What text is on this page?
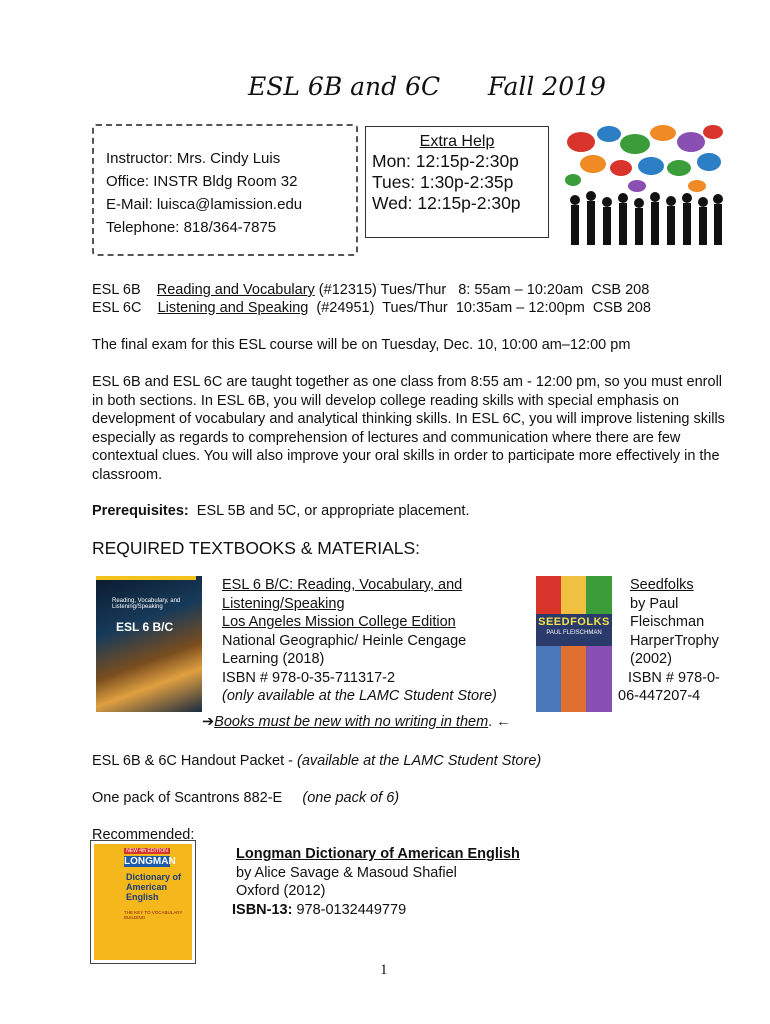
ESL 6B and 6C      Fall 2019
Instructor: Mrs. Cindy Luis
Office: INSTR Bldg Room 32
E-Mail: luisca@lamission.edu
Telephone: 818/364-7875
Extra Help
Mon: 12:15p-2:30p
Tues: 1:30p-2:35p
Wed: 12:15p-2:30p
ESL 6B Reading and Vocabulary (#12315) Tues/Thur   8: 55am – 10:20am  CSB 208
ESL 6C Listening and Speaking  (#24951)  Tues/Thur  10:35am – 12:00pm  CSB 208
The final exam for this ESL course will be on Tuesday, Dec. 10, 10:00 am–12:00 pm
ESL 6B and ESL 6C are taught together as one class from 8:55 am - 12:00 pm, so you must enroll in both sections. In ESL 6B, you will develop college reading skills with special emphasis on development of vocabulary and analytical thinking skills. In ESL 6C, you will improve listening skills especially as regards to comprehension of lectures and communication where there are few contextual clues. You will also improve your oral skills in order to participate more effectively in the classroom.
Prerequisites:  ESL 5B and 5C, or appropriate placement.
REQUIRED TEXTBOOKS & MATERIALS:
Reading, Vocabulary, and Listening/Speaking
ESL 6 B/C
ESL 6 B/C: Reading, Vocabulary, and
Listening/Speaking
Los Angeles Mission College Edition
National Geographic/ Heinle Cengage
Learning (2018)
ISBN # 978-0-35-711317-2
(only available at the LAMC Student Store)
SEEDFOLKS
PAUL FLEISCHMAN
Seedfolks
by Paul
Fleischman
HarperTrophy
(2002)
ISBN # 978-0-
06-447207-4
➔Books must be new with no writing in them. ←
ESL 6B & 6C Handout Packet - (available at the LAMC Student Store)
One pack of Scantrons 882-E (one pack of 6)
Recommended:
NEW 4th EDITION
LONGMAN
Dictionary of American English
THE KEY TO VOCABULARY BUILDING
Longman Dictionary of American English
by Alice Savage & Masoud Shafiel
Oxford (2012)
ISBN-13: 978-0132449779
1
